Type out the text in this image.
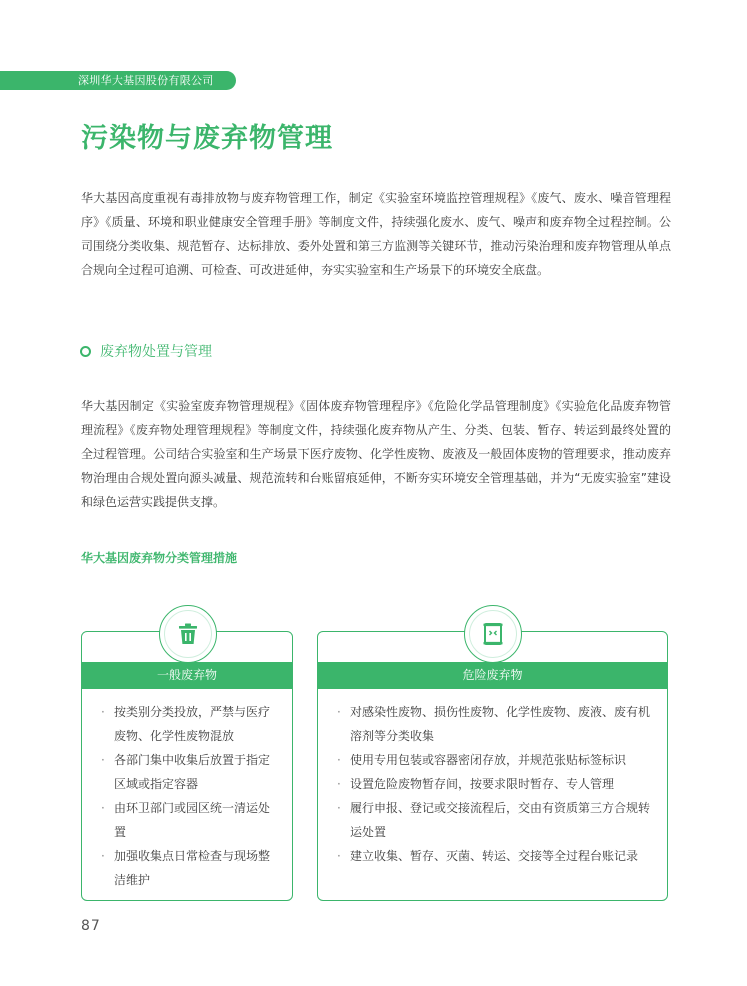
深圳华大基因股份有限公司
污染物与废弃物管理

华大基因高度重视有毒排放物与废弃物管理工作，制定《实验室环境监控管理规程》《废气、废水、噪音管理程序》《质量、环境和职业健康安全管理手册》等制度文件，持续强化废水、废气、噪声和废弃物全过程控制。公司围绕分类收集、规范暂存、达标排放、委外处置和第三方监测等关键环节，推动污染治理和废弃物管理从单点合规向全过程可追溯、可检查、可改进延伸，夯实实验室和生产场景下的环境安全底盘。

废弃物处置与管理

华大基因制定《实验室废弃物管理规程》《固体废弃物管理程序》《危险化学品管理制度》《实验危化品废弃物管理流程》《废弃物处理管理规程》等制度文件，持续强化废弃物从产生、分类、包装、暂存、转运到最终处置的全过程管理。公司结合实验室和生产场景下医疗废物、化学性废物、废液及一般固体废物的管理要求，推动废弃物治理由合规处置向源头减量、规范流转和台账留痕延伸，不断夯实环境安全管理基础，并为“无废实验室”建设和绿色运营实践提供支撑。

华大基因废弃物分类管理措施
一般废弃物
· 按类别分类投放，严禁与医疗废物、化学性废物混放
· 各部门集中收集后放置于指定区域或指定容器
· 由环卫部门或园区统一清运处置
· 加强收集点日常检查与现场整洁维护
危险废弃物
· 对感染性废物、损伤性废物、化学性废物、废液、废有机溶剂等分类收集
· 使用专用包装或容器密闭存放，并规范张贴标签标识
· 设置危险废物暂存间，按要求限时暂存、专人管理
· 履行申报、登记或交接流程后，交由有资质第三方合规转运处置
· 建立收集、暂存、灭菌、转运、交接等全过程台账记录
87
